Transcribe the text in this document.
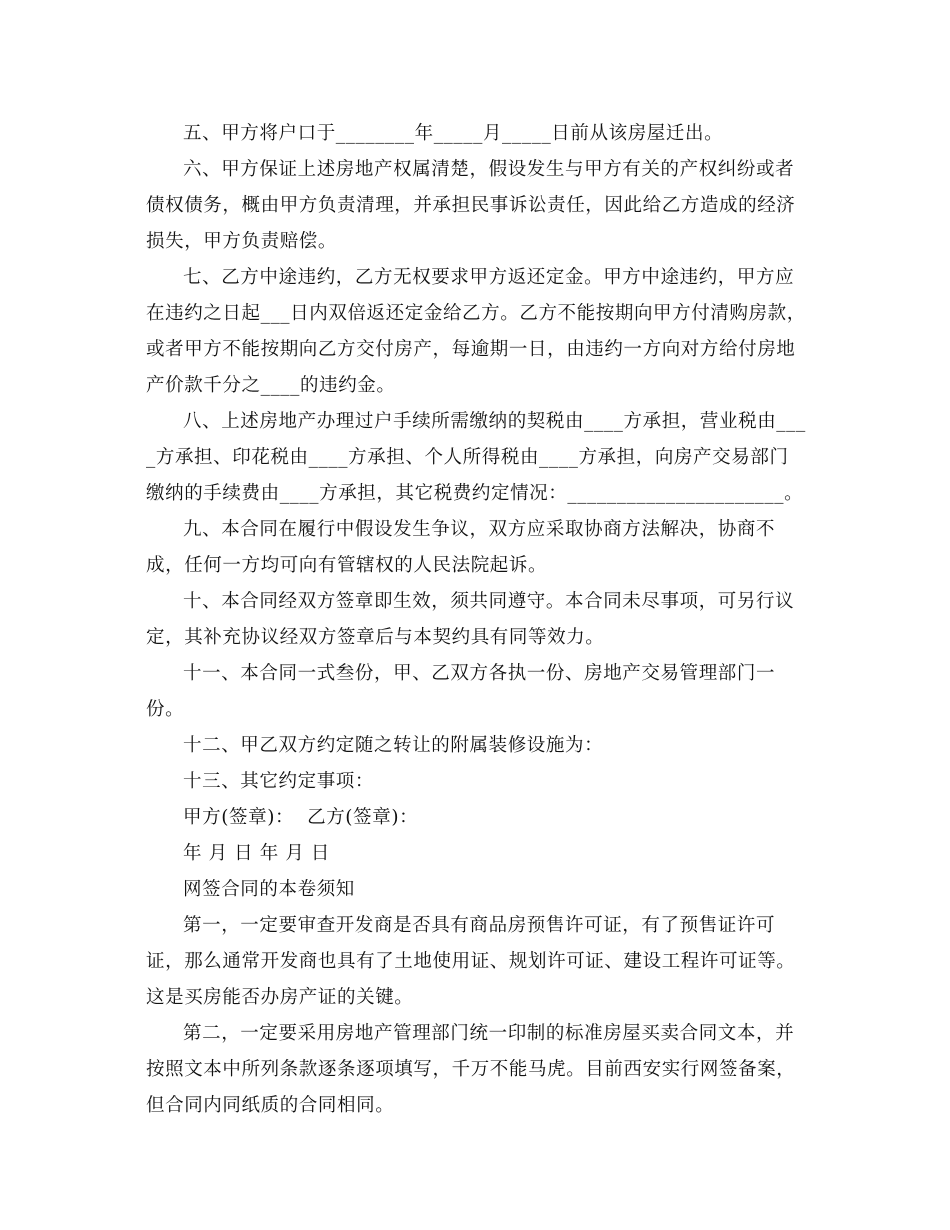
五、甲方将户口于________年_____月_____日前从该房屋迁出。

六、甲方保证上述房地产权属清楚，假设发生与甲方有关的产权纠纷或者债权债务，概由甲方负责清理，并承担民事诉讼责任，因此给乙方造成的经济损失，甲方负责赔偿。

七、乙方中途违约，乙方无权要求甲方返还定金。甲方中途违约，甲方应在违约之日起___日内双倍返还定金给乙方。乙方不能按期向甲方付清购房款，或者甲方不能按期向乙方交付房产，每逾期一日，由违约一方向对方给付房地产价款千分之____的违约金。

八、上述房地产办理过户手续所需缴纳的契税由____方承担，营业税由____方承担、印花税由____方承担、个人所得税由____方承担，向房产交易部门缴纳的手续费由____方承担，其它税费约定情况：______________________。

九、本合同在履行中假设发生争议，双方应采取协商方法解决，协商不成，任何一方均可向有管辖权的人民法院起诉。

十、本合同经双方签章即生效，须共同遵守。本合同未尽事项，可另行议定，其补充协议经双方签章后与本契约具有同等效力。

十一、本合同一式叁份，甲、乙双方各执一份、房地产交易管理部门一份。

十二、甲乙双方约定随之转让的附属装修设施为：

十三、其它约定事项：

甲方(签章)：  乙方(签章)：

年 月 日 年 月 日

网签合同的本卷须知

第一，一定要审查开发商是否具有商品房预售许可证，有了预售证许可证，那么通常开发商也具有了土地使用证、规划许可证、建设工程许可证等。这是买房能否办房产证的关键。

第二，一定要采用房地产管理部门统一印制的标准房屋买卖合同文本，并按照文本中所列条款逐条逐项填写，千万不能马虎。目前西安实行网签备案，但合同内同纸质的合同相同。
